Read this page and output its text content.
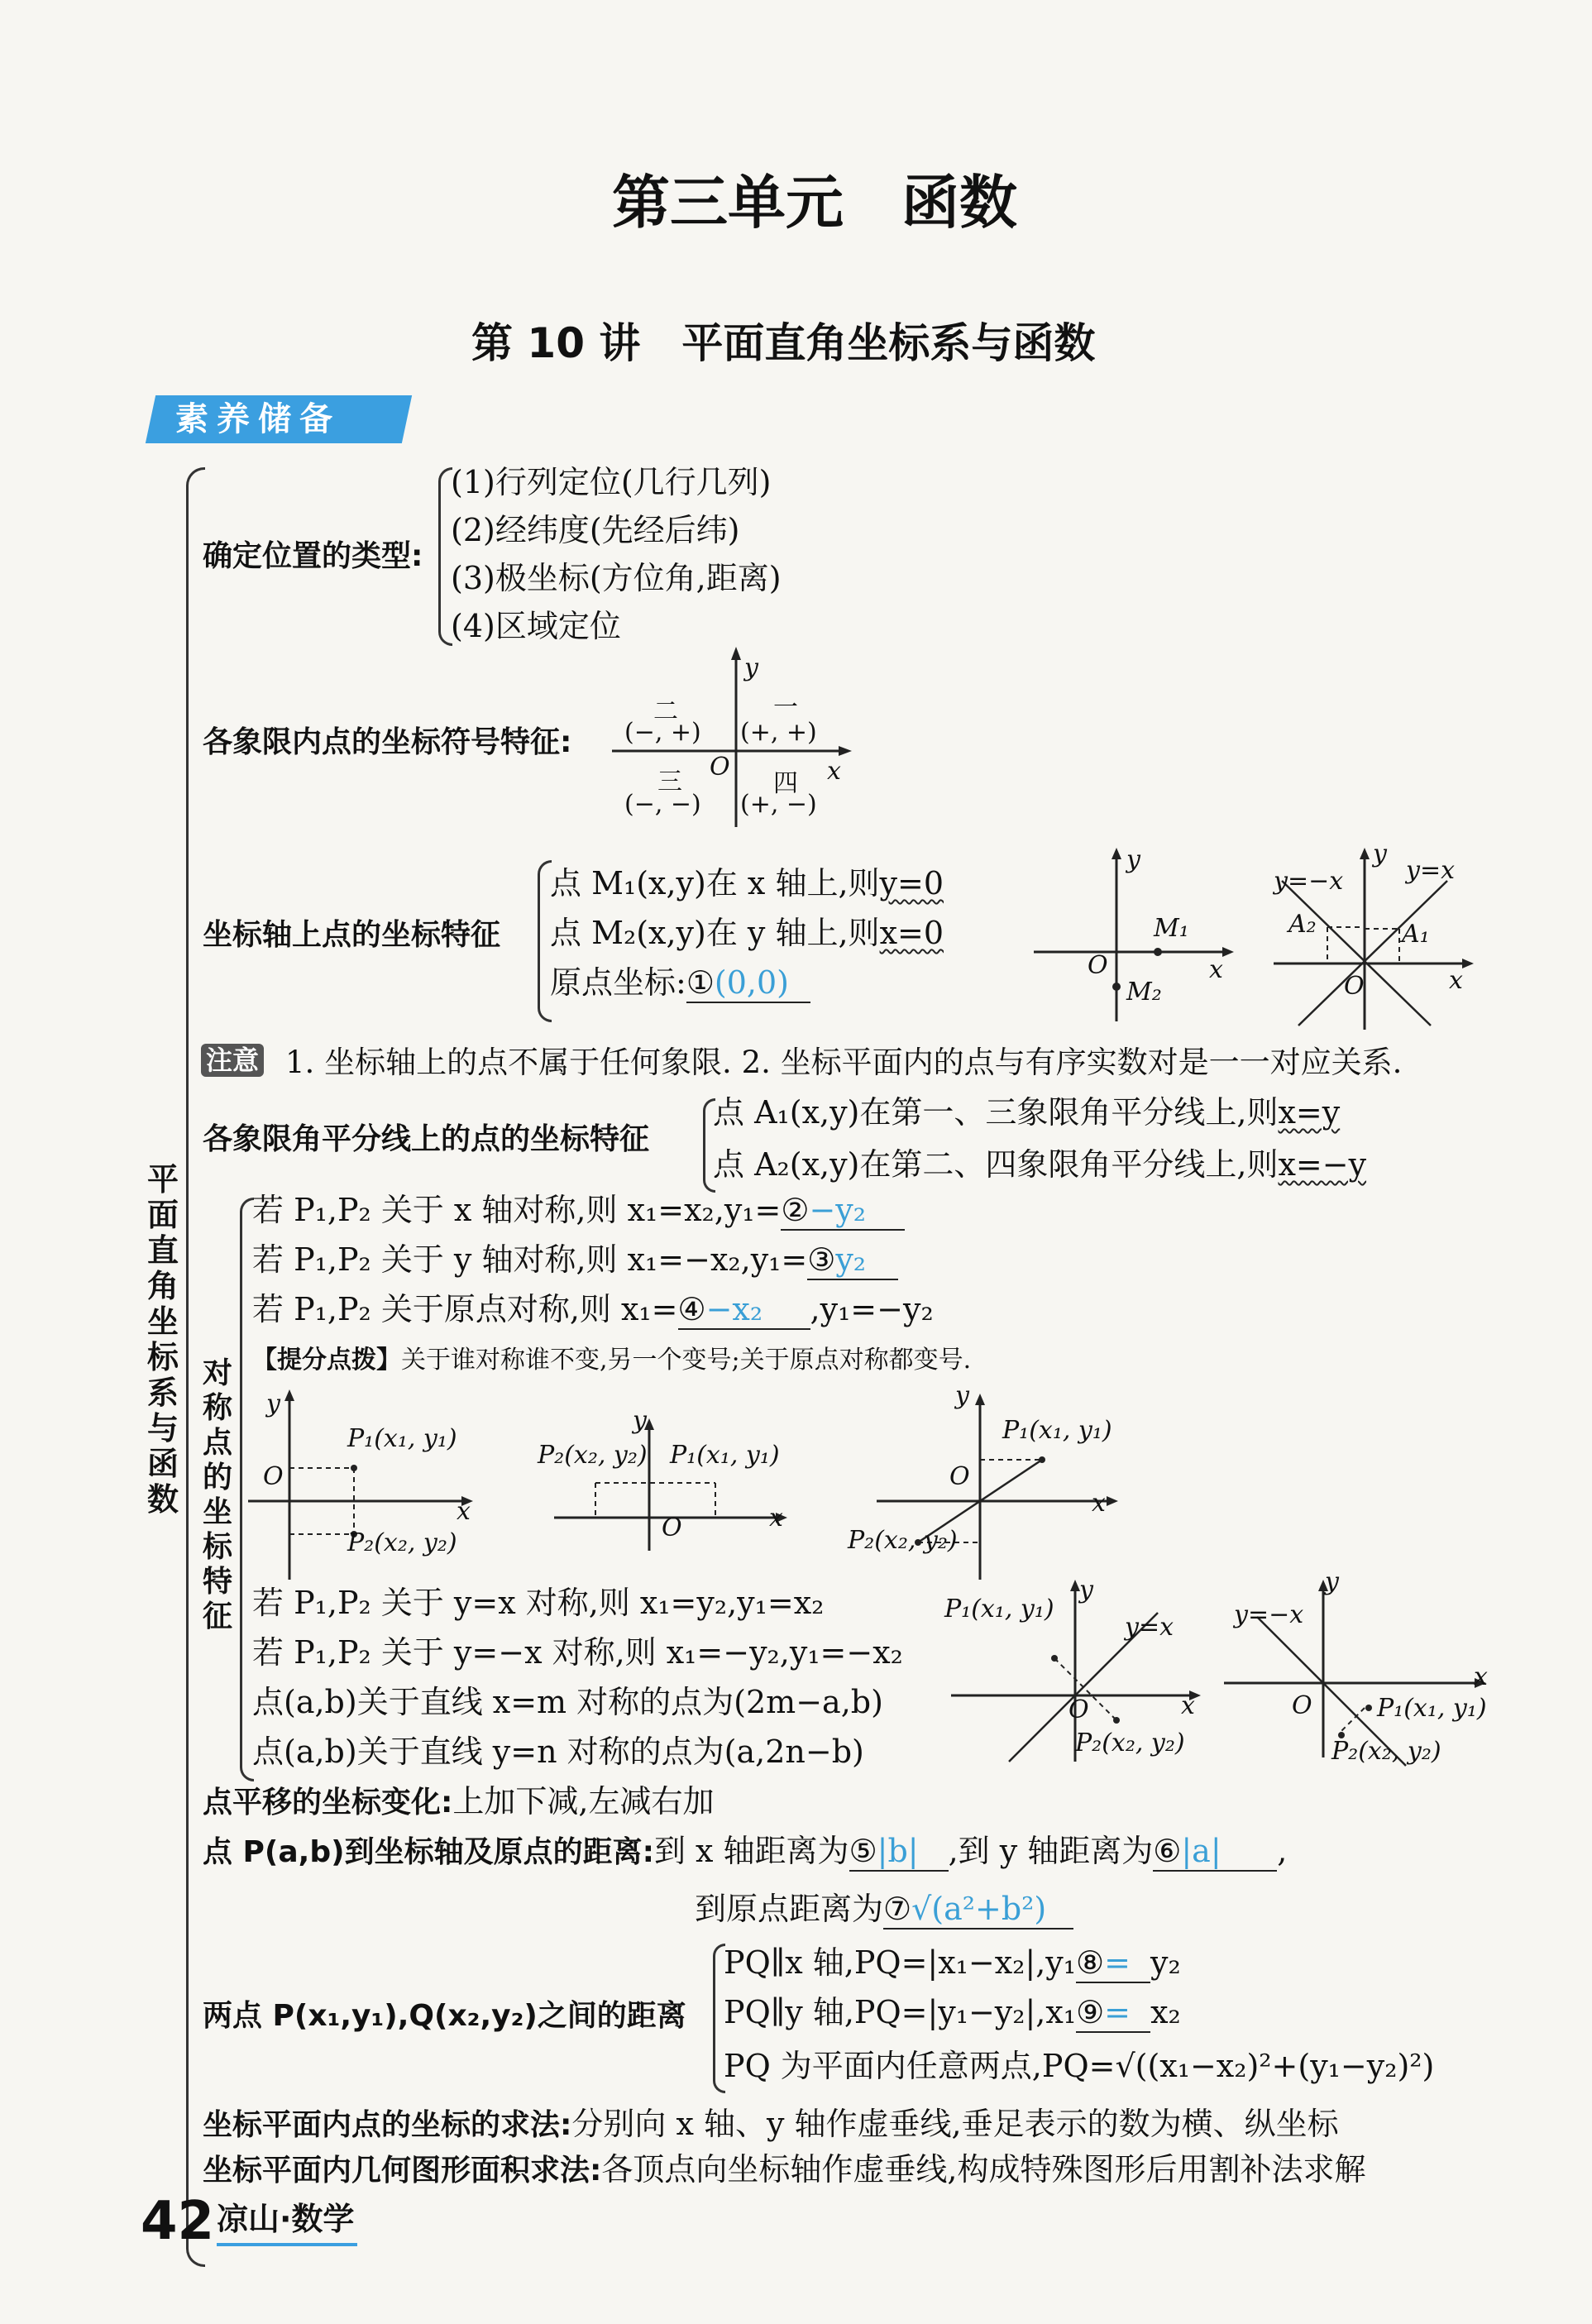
第三单元　函数
第 10 讲　平面直角坐标系与函数
素养储备
平面直角坐标系与函数
确定位置的类型:
(1)行列定位(几行几列)
(2)经纬度(先经后纬)
(3)极坐标(方位角,距离)
(4)区域定位
各象限内点的坐标符号特征:
y
x
O
二	一
(−, +) (+, +)
三	四
(−, −) (+, −)
坐标轴上点的坐标特征
点 M₁(x,y)在 x 轴上,则y=0
点 M₂(x,y)在 y 轴上,则x=0
原点坐标:①(0,0)
y
x
O
M₁
M₂
y
x
O
y=−x	y=x
A₂	A₁
注意 1. 坐标轴上的点不属于任何象限. 2. 坐标平面内的点与有序实数对是一一对应关系.
各象限角平分线上的点的坐标特征
点 A₁(x,y)在第一、三象限角平分线上,则x=y
点 A₂(x,y)在第二、四象限角平分线上,则x=−y
对称点的坐标特征
若 P₁,P₂ 关于 x 轴对称,则 x₁=x₂,y₁=②−y₂
若 P₁,P₂ 关于 y 轴对称,则 x₁=−x₂,y₁=③y₂
若 P₁,P₂ 关于原点对称,则 x₁=④−x₂ ,y₁=−y₂
【提分点拨】关于谁对称谁不变,另一个变号;关于原点对称都变号.
y
x
O
P₁(x₁, y₁)
P₂(x₂, y₂)
y
x
O
P₂(x₂, y₂) P₁(x₁, y₁)
y
x
O
P₁(x₁, y₁)
P₂(x₂, y₂)
若 P₁,P₂ 关于 y=x 对称,则 x₁=y₂,y₁=x₂
若 P₁,P₂ 关于 y=−x 对称,则 x₁=−y₂,y₁=−x₂
点(a,b)关于直线 x=m 对称的点为(2m−a,b)
点(a,b)关于直线 y=n 对称的点为(a,2n−b)
y
x
O
y=x
P₁(x₁, y₁)
P₂(x₂, y₂)
y
x
O
y=−x
P₁(x₁, y₁)
P₂(x₂, y₂)
点平移的坐标变化:上加下减,左减右加
点 P(a,b)到坐标轴及原点的距离:到 x 轴距离为⑤|b| ,到 y 轴距离为⑥|a| ,
到原点距离为⑦√(a²+b²)
两点 P(x₁,y₁),Q(x₂,y₂)之间的距离
PQ∥x 轴,PQ=|x₁−x₂|,y₁⑧= y₂
PQ∥y 轴,PQ=|y₁−y₂|,x₁⑨= x₂
PQ 为平面内任意两点,PQ=√((x₁−x₂)²+(y₁−y₂)²)
坐标平面内点的坐标的求法:分别向 x 轴、y 轴作虚垂线,垂足表示的数为横、纵坐标
坐标平面内几何图形面积求法:各顶点向坐标轴作虚垂线,构成特殊图形后用割补法求解
42 凉山·数学
